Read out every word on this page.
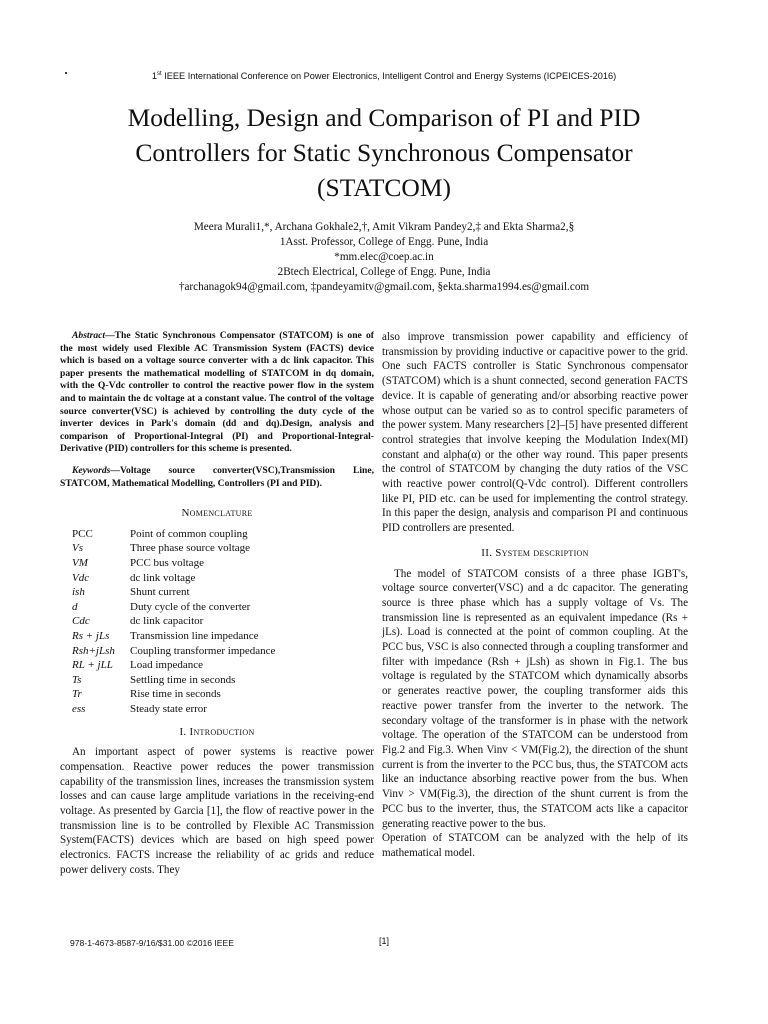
1st IEEE International Conference on Power Electronics, Intelligent Control and Energy Systems (ICPEICES-2016)
Modelling, Design and Comparison of PI and PID
Controllers for Static Synchronous Compensator
(STATCOM)
Meera Murali1,*, Archana Gokhale2,†, Amit Vikram Pandey2,‡ and Ekta Sharma2,§
1Asst. Professor, College of Engg. Pune, India
*mm.elec@coep.ac.in
2Btech Electrical, College of Engg. Pune, India
†archanagok94@gmail.com, ‡pandeyamitv@gmail.com, §ekta.sharma1994.es@gmail.com

Abstract—The Static Synchronous Compensator (STATCOM) is one of the most widely used Flexible AC Transmission System (FACTS) device which is based on a voltage source converter with a dc link capacitor. This paper presents the mathematical modelling of STATCOM in dq domain, with the Q-Vdc controller to control the reactive power flow in the system and to maintain the dc voltage at a constant value. The control of the voltage source converter(VSC) is achieved by controlling the duty cycle of the inverter devices in Park's domain (dd and dq).Design, analysis and comparison of Proportional-Integral (PI) and Proportional-Integral-Derivative (PID) controllers for this scheme is presented.

Keywords—Voltage source converter(VSC),Transmission Line, STATCOM, Mathematical Modelling, Controllers (PI and PID).

Nomenclature
PCC	Point of common coupling
Vs	Three phase source voltage
VM	PCC bus voltage
Vdc	dc link voltage
ish	Shunt current
d	Duty cycle of the converter
Cdc	dc link capacitor
Rs + jLs	Transmission line impedance
Rsh+jLsh	Coupling transformer impedance
RL + jLL	Load impedance
Ts	Settling time in seconds
Tr	Rise time in seconds
ess	Steady state error
I. Introduction

An important aspect of power systems is reactive power compensation. Reactive power reduces the power transmission capability of the transmission lines, increases the transmission system losses and can cause large amplitude variations in the receiving-end voltage. As presented by Garcia [1], the flow of reactive power in the transmission line is to be controlled by Flexible AC Transmission System(FACTS) devices which are based on high speed power electronics. FACTS increase the reliability of ac grids and reduce power delivery costs. They

also improve transmission power capability and efficiency of transmission by providing inductive or capacitive power to the grid. One such FACTS controller is Static Synchronous compensator (STATCOM) which is a shunt connected, second generation FACTS device. It is capable of generating and/or absorbing reactive power whose output can be varied so as to control specific parameters of the power system. Many researchers [2]–[5] have presented different control strategies that involve keeping the Modulation Index(MI) constant and alpha(α) or the other way round. This paper presents the control of STATCOM by changing the duty ratios of the VSC with reactive power control(Q-Vdc control). Different controllers like PI, PID etc. can be used for implementing the control strategy. In this paper the design, analysis and comparison PI and continuous PID controllers are presented.

II. System description

The model of STATCOM consists of a three phase IGBT's, voltage source converter(VSC) and a dc capacitor. The generating source is three phase which has a supply voltage of Vs. The transmission line is represented as an equivalent impedance (Rs + jLs). Load is connected at the point of common coupling. At the PCC bus, VSC is also connected through a coupling transformer and filter with impedance (Rsh + jLsh) as shown in Fig.1. The bus voltage is regulated by the STATCOM which dynamically absorbs or generates reactive power, the coupling transformer aids this reactive power transfer from the inverter to the network. The secondary voltage of the transformer is in phase with the network voltage. The operation of the STATCOM can be understood from Fig.2 and Fig.3. When Vinv < VM(Fig.2), the direction of the shunt current is from the inverter to the PCC bus, thus, the STATCOM acts like an inductance absorbing reactive power from the bus. When Vinv > VM(Fig.3), the direction of the shunt current is from the PCC bus to the inverter, thus, the STATCOM acts like a capacitor generating reactive power to the bus.

Operation of STATCOM can be analyzed with the help of its mathematical model.

978-1-4673-8587-9/16/$31.00 ©2016 IEEE	[1]
